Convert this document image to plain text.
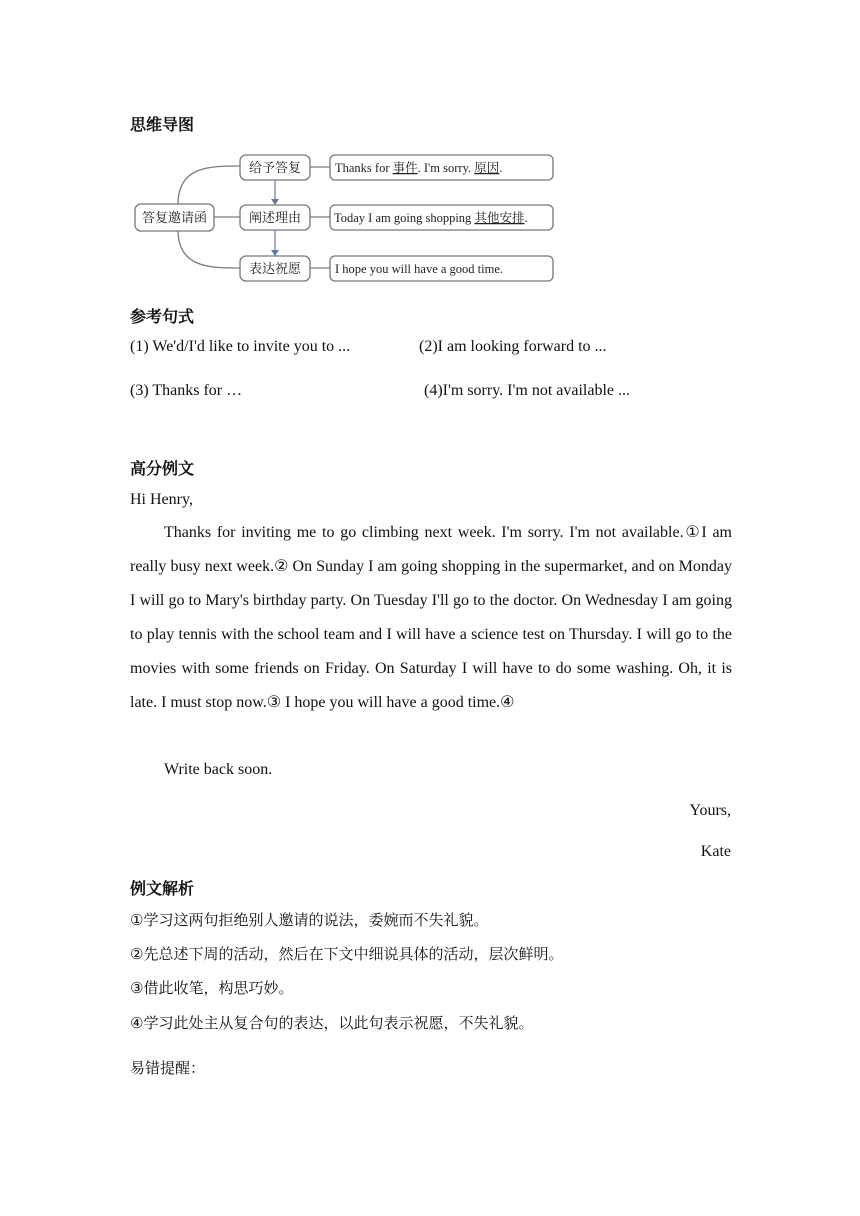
思维导图
答复邀请函
给予答复
阐述理由
表达祝愿
Thanks for 事件. I'm sorry. 原因.
Today I am going shopping 其他安排.
I hope you will have a good time.
参考句式
(1) We'd/I'd like to invite you to ...	(2)I am looking forward to ...
(3) Thanks for …	(4)I'm sorry. I'm not available ...
高分例文
Hi Henry,
Thanks for inviting me to go climbing next week. I'm sorry. I'm not available.①I am really busy next week.② On Sunday I am going shopping in the supermarket, and on Monday I will go to Mary's birthday party. On Tuesday I'll go to the doctor. On Wednesday I am going to play tennis with the school team and I will have a science test on Thursday. I will go to the movies with some friends on Friday. On Saturday I will have to do some washing. Oh, it is late. I must stop now.③ I hope you will have a good time.④
Write back soon.
Yours,
Kate
例文解析
①学习这两句拒绝别人邀请的说法，委婉而不失礼貌。
②先总述下周的活动，然后在下文中细说具体的活动，层次鲜明。
③借此收笔，构思巧妙。
④学习此处主从复合句的表达，以此句表示祝愿，不失礼貌。
易错提醒：
